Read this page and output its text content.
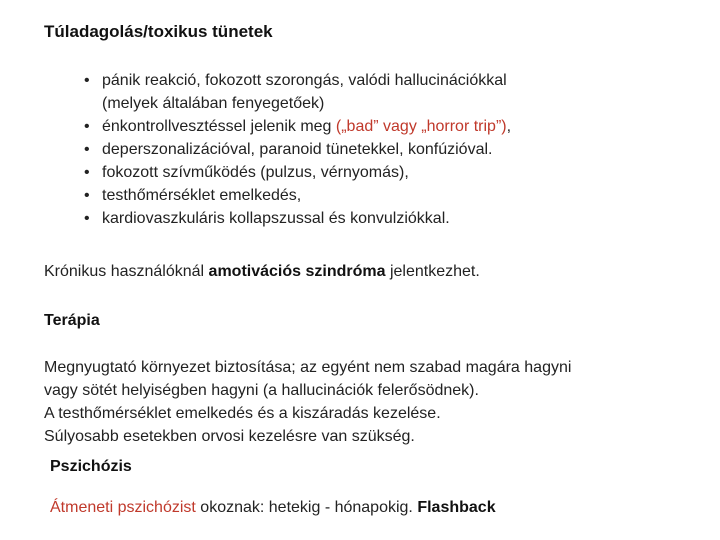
Túladagolás/toxikus tünetek
• pánik reakció, fokozott szorongás, valódi hallucinációkkal
(melyek általában fenyegetőek)
• énkontrollvesztéssel jelenik meg („bad” vagy „horror trip”),
• deperszonalizációval, paranoid tünetekkel, konfúzióval.
• fokozott szívműködés (pulzus, vérnyomás),
• testhőmérséklet emelkedés,
• kardiovaszkuláris kollapszussal és konvulziókkal.
Krónikus használóknál amotivációs szindróma jelentkezhet.
Terápia
Megnyugtató környezet biztosítása; az egyént nem szabad magára hagyni
vagy sötét helyiségben hagyni (a hallucinációk felerősödnek).
A testhőmérséklet emelkedés és a kiszáradás kezelése.
Súlyosabb esetekben orvosi kezelésre van szükség.
Pszichózis
Átmeneti pszichózist okoznak: hetekig - hónapokig. Flashback
